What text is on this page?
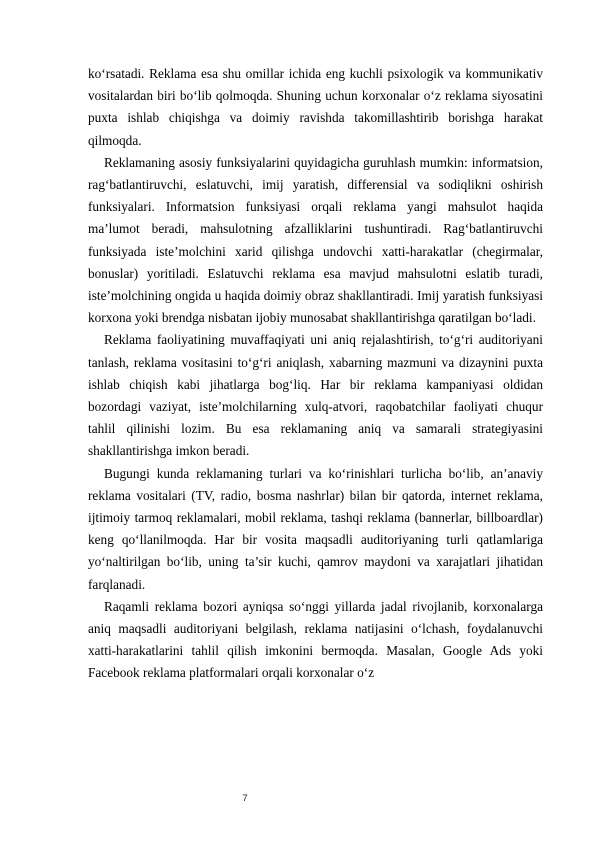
ko‘rsatadi. Reklama esa shu omillar ichida eng kuchli psixologik va kommunikativ vositalardan biri bo‘lib qolmoqda. Shuning uchun korxonalar o‘z reklama siyosatini puxta ishlab chiqishga va doimiy ravishda takomillashtirib borishga harakat qilmoqda.

Reklamaning asosiy funksiyalarini quyidagicha guruhlash mumkin: informatsion, rag‘batlantiruvchi, eslatuvchi, imij yaratish, differensial va sodiqlikni oshirish funksiyalari. Informatsion funksiyasi orqali reklama yangi mahsulot haqida ma’lumot beradi, mahsulotning afzalliklarini tushuntiradi. Rag‘batlantiruvchi funksiyada iste’molchini xarid qilishga undovchi xatti-harakatlar (chegirmalar, bonuslar) yoritiladi. Eslatuvchi reklama esa mavjud mahsulotni eslatib turadi, iste’molchining ongida u haqida doimiy obraz shakllantiradi. Imij yaratish funksiyasi korxona yoki brendga nisbatan ijobiy munosabat shakllantirishga qaratilgan bo‘ladi.

Reklama faoliyatining muvaffaqiyati uni aniq rejalashtirish, to‘g‘ri auditoriyani tanlash, reklama vositasini to‘g‘ri aniqlash, xabarning mazmuni va dizaynini puxta ishlab chiqish kabi jihatlarga bog‘liq. Har bir reklama kampaniyasi oldidan bozordagi vaziyat, iste’molchilarning xulq-atvori, raqobatchilar faoliyati chuqur tahlil qilinishi lozim. Bu esa reklamaning aniq va samarali strategiyasini shakllantirishga imkon beradi.

Bugungi kunda reklamaning turlari va ko‘rinishlari turlicha bo‘lib, an’anaviy reklama vositalari (TV, radio, bosma nashrlar) bilan bir qatorda, internet reklama, ijtimoiy tarmoq reklamalari, mobil reklama, tashqi reklama (bannerlar, billboardlar) keng qo‘llanilmoqda. Har bir vosita maqsadli auditoriyaning turli qatlamlariga yo‘naltirilgan bo‘lib, uning ta’sir kuchi, qamrov maydoni va xarajatlari jihatidan farqlanadi.

Raqamli reklama bozori ayniqsa so‘nggi yillarda jadal rivojlanib, korxonalarga aniq maqsadli auditoriyani belgilash, reklama natijasini o‘lchash, foydalanuvchi xatti-harakatlarini tahlil qilish imkonini bermoqda. Masalan, Google Ads yoki Facebook reklama platformalari orqali korxonalar o‘z

7
